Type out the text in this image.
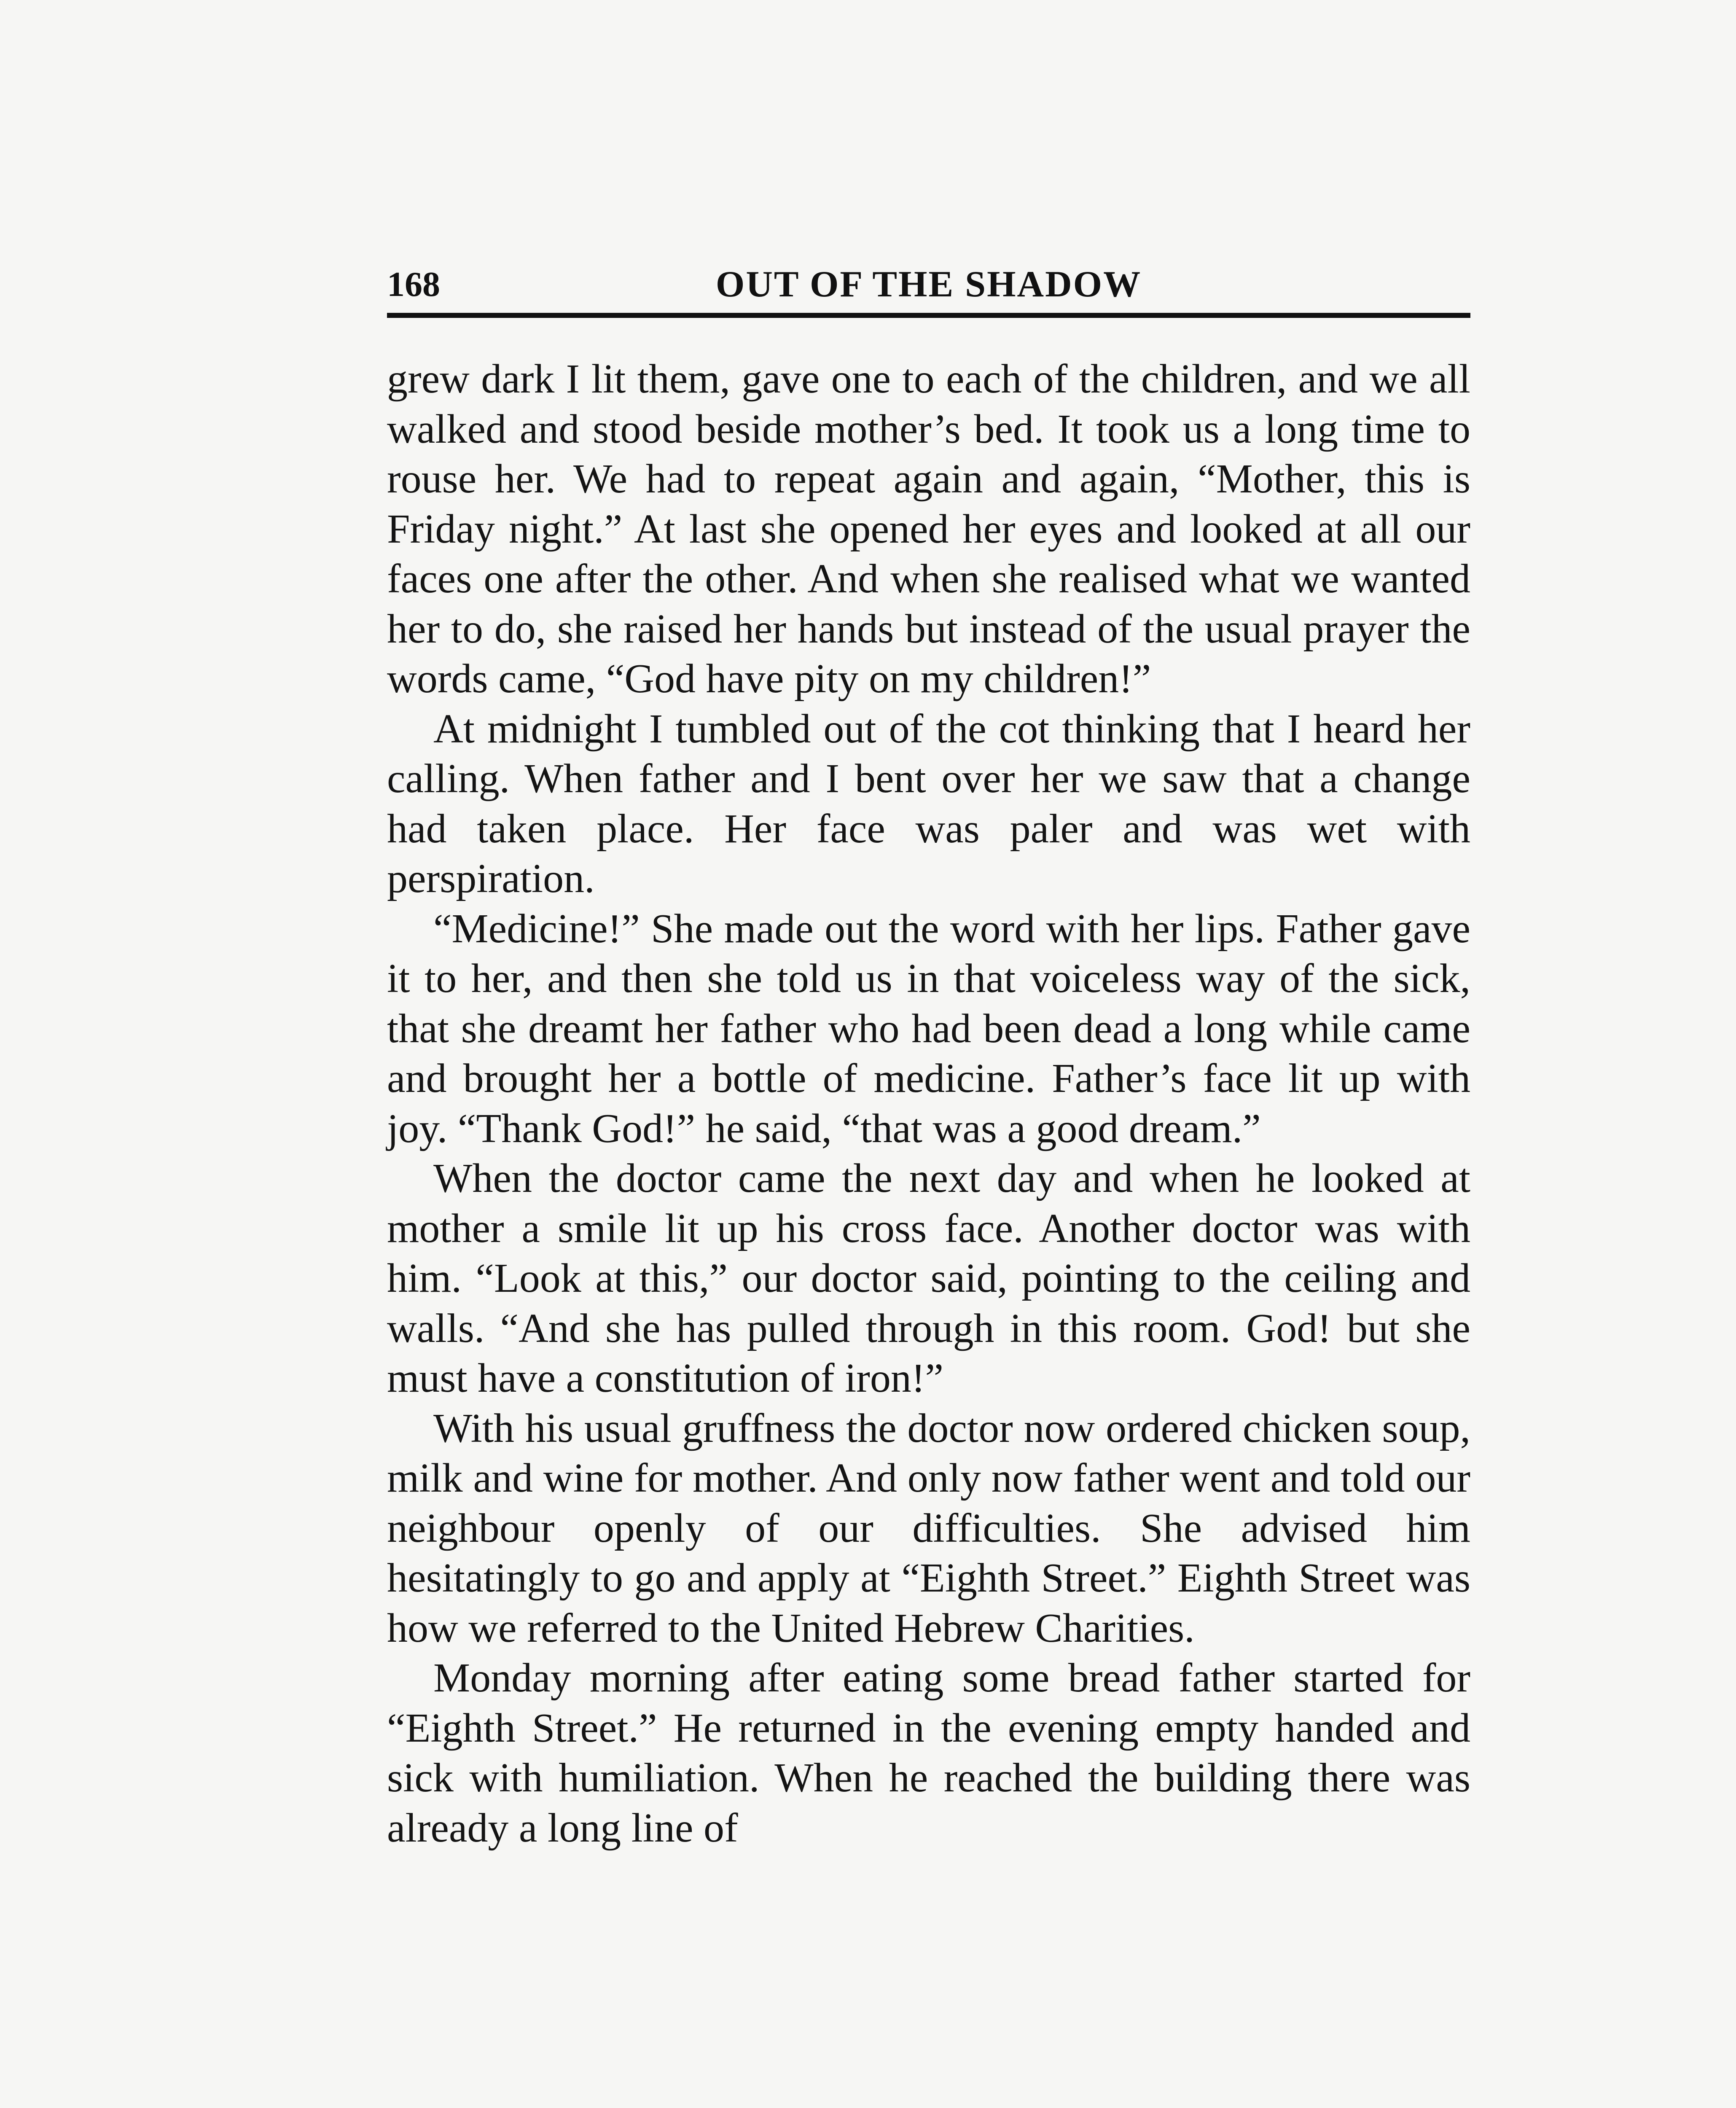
168	OUT OF THE SHADOW

grew dark I lit them, gave one to each of the children, and we all walked and stood beside mother’s bed. It took us a long time to rouse her. We had to repeat again and again, “Mother, this is Friday night.” At last she opened her eyes and looked at all our faces one after the other. And when she realised what we wanted her to do, she raised her hands but instead of the usual prayer the words came, “God have pity on my children!”

At midnight I tumbled out of the cot thinking that I heard her calling. When father and I bent over her we saw that a change had taken place. Her face was paler and was wet with perspiration.

“Medicine!” She made out the word with her lips. Father gave it to her, and then she told us in that voiceless way of the sick, that she dreamt her father who had been dead a long while came and brought her a bottle of medicine. Father’s face lit up with joy. “Thank God!” he said, “that was a good dream.”

When the doctor came the next day and when he looked at mother a smile lit up his cross face. Another doctor was with him. “Look at this,” our doctor said, pointing to the ceiling and walls. “And she has pulled through in this room. God! but she must have a constitution of iron!”

With his usual gruffness the doctor now ordered chicken soup, milk and wine for mother. And only now father went and told our neighbour openly of our difficulties. She advised him hesitatingly to go and apply at “Eighth Street.” Eighth Street was how we referred to the United Hebrew Charities.

Monday morning after eating some bread father started for “Eighth Street.” He returned in the evening empty handed and sick with humiliation. When he reached the building there was already a long line of
